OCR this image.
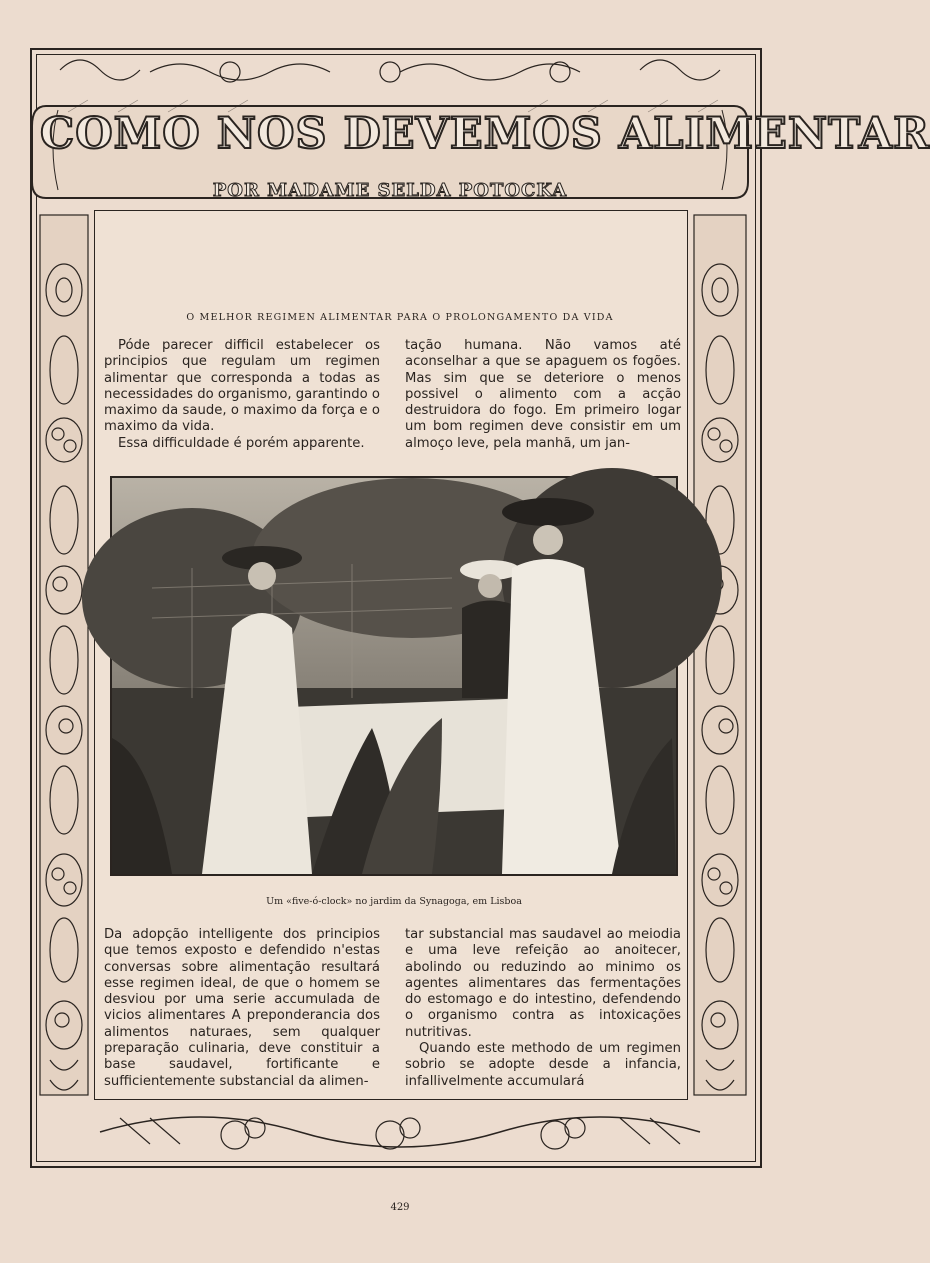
COMO NOS DEVEMOS ALIMENTAR
POR MADAME SELDA POTOCKA
O MELHOR REGIMEN ALIMENTAR PARA O PROLONGAMENTO DA VIDA

Póde parecer difficil estabelecer os principios que regulam um regimen alimentar que corresponda a todas as necessidades do organismo, garantindo o maximo da saude, o maximo da força e o maximo da vida.

Essa difficuldade é porém apparente.

tação humana. Não vamos até aconselhar a que se apaguem os fogões. Mas sim que se deteriore o menos possivel o alimento com a acção destruidora do fogo. Em primeiro logar um bom regimen deve consistir em um almoço leve, pela manhã, um jan-

Um «five-ó-clock» no jardim da Synagoga, em Lisboa

Da adopção intelligente dos principios que temos exposto e defendido n'estas conversas sobre alimentação resultará esse regimen ideal, de que o homem se desviou por uma serie accumulada de vicios alimentares A preponderancia dos alimentos naturaes, sem qualquer preparação culinaria, deve constituir a base saudavel, fortificante e sufficientemente substancial da alimen-

tar substancial mas saudavel ao meiodia e uma leve refeição ao anoitecer, abolindo ou reduzindo ao minimo os agentes alimentares das fermentações do estomago e do intestino, defendendo o organismo contra as intoxicações nutritivas.

Quando este methodo de um regimen sobrio se adopte desde a infancia, infallivelmente accumulará

429
